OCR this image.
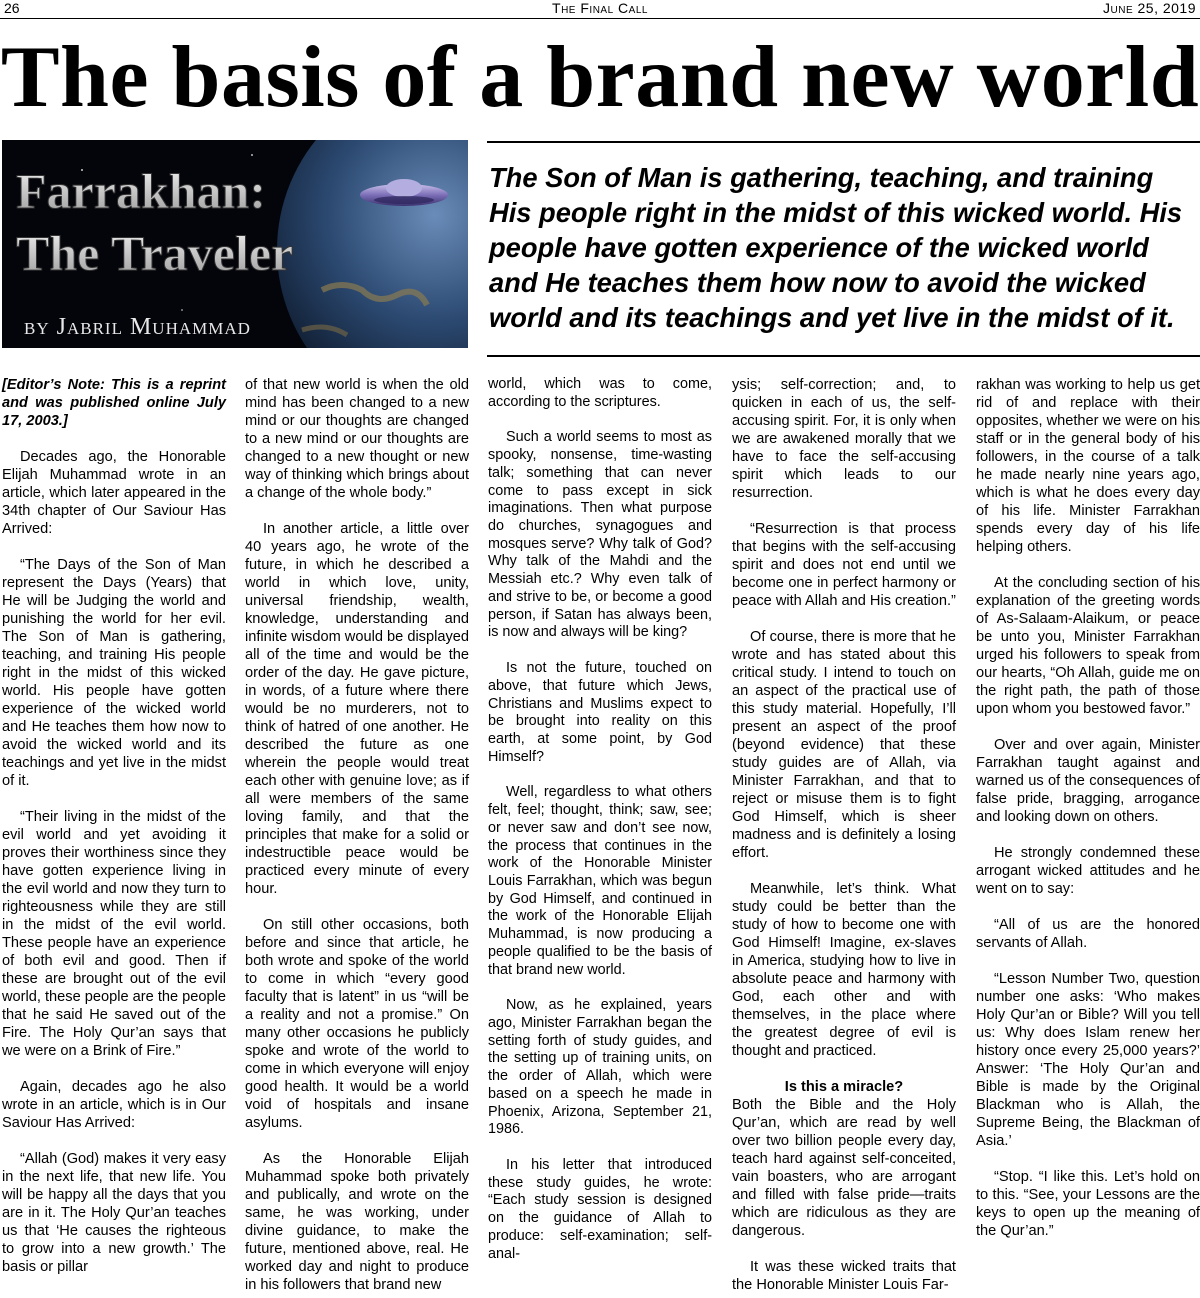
26	The Final Call	June 25, 2019
The basis of a brand new world
Farrakhan:
The Traveler
by Jabril Muhammad
The Son of Man is gathering, teaching, and training His people right in the midst of this wicked world. His people have gotten experience of the wicked world and He teaches them how now to avoid the wicked world and its teachings and yet live in the midst of it.

[Editor’s Note: This is a reprint and was published online July 17, 2003.]

Decades ago, the Honorable Elijah Muhammad wrote in an article, which later appeared in the 34th chapter of Our Saviour Has Arrived:

“The Days of the Son of Man represent the Days (Years) that He will be Judging the world and punishing the world for her evil. The Son of Man is gathering, teaching, and training His people right in the midst of this wicked world. His people have gotten experience of the wicked world and He teaches them how now to avoid the wicked world and its teachings and yet live in the midst of it.

“Their living in the midst of the evil world and yet avoiding it proves their worthiness since they have gotten experience living in the evil world and now they turn to righteousness while they are still in the midst of the evil world. These people have an experience of both evil and good. Then if these are brought out of the evil world, these people are the people that he said He saved out of the Fire. The Holy Qur’an says that we were on a Brink of Fire.”

Again, decades ago he also wrote in an article, which is in Our Saviour Has Arrived:

“Allah (God) makes it very easy in the next life, that new life. You will be happy all the days that you are in it. The Holy Qur’an teaches us that ‘He causes the righteous to grow into a new growth.’ The basis or pillar

of that new world is when the old mind has been changed to a new mind or our thoughts are changed to a new mind or our thoughts are changed to a new thought or new way of thinking which brings about a change of the whole body.”

In another article, a little over 40 years ago, he wrote of the future, in which he described a world in which love, unity, universal friendship, wealth, knowledge, understanding and infinite wisdom would be displayed all of the time and would be the order of the day. He gave picture, in words, of a future where there would be no murderers, not to think of hatred of one another. He described the future as one wherein the people would treat each other with genuine love; as if all were members of the same loving family, and that the principles that make for a solid or indestructible peace would be practiced every minute of every hour.

On still other occasions, both before and since that article, he both wrote and spoke of the world to come in which “every good faculty that is latent” in us “will be a reality and not a promise.” On many other occasions he publicly spoke and wrote of the world to come in which everyone will enjoy good health. It would be a world void of hospitals and insane asylums.

As the Honorable Elijah Muhammad spoke both privately and publically, and wrote on the same, he was working, under divine guidance, to make the future, mentioned above, real. He worked day and night to produce in his followers that brand new

world, which was to come, according to the scriptures.

Such a world seems to most as spooky, nonsense, time-wasting talk; something that can never come to pass except in sick imaginations. Then what purpose do churches, synagogues and mosques serve? Why talk of God? Why talk of the Mahdi and the Messiah etc.? Why even talk of and strive to be, or become a good person, if Satan has always been, is now and always will be king?

Is not the future, touched on above, that future which Jews, Christians and Muslims expect to be brought into reality on this earth, at some point, by God Himself?

Well, regardless to what others felt, feel; thought, think; saw, see; or never saw and don’t see now, the process that continues in the work of the Honorable Minister Louis Farrakhan, which was begun by God Himself, and continued in the work of the Honorable Elijah Muhammad, is now producing a people qualified to be the basis of that brand new world.

Now, as he explained, years ago, Minister Farrakhan began the setting forth of study guides, and the setting up of training units, on the order of Allah, which were based on a speech he made in Phoenix, Arizona, September 21, 1986.

In his letter that introduced these study guides, he wrote: “Each study session is designed on the guidance of Allah to produce: self-examination; self-anal-

ysis; self-correction; and, to quicken in each of us, the self-accusing spirit. For, it is only when we are awakened morally that we have to face the self-accusing spirit which leads to our resurrection.

“Resurrection is that process that begins with the self-accusing spirit and does not end until we become one in perfect harmony or peace with Allah and His creation.”

Of course, there is more that he wrote and has stated about this critical study. I intend to touch on an aspect of the practical use of this study material. Hopefully, I’ll present an aspect of the proof (beyond evidence) that these study guides are of Allah, via Minister Farrakhan, and that to reject or misuse them is to fight God Himself, which is sheer madness and is definitely a losing effort.

Meanwhile, let’s think. What study could be better than the study of how to become one with God Himself! Imagine, ex-slaves in America, studying how to live in absolute peace and harmony with God, each other and with themselves, in the place where the greatest degree of evil is thought and practiced.

Is this a miracle?

Both the Bible and the Holy Qur’an, which are read by well over two billion people every day, teach hard against self-conceited, vain boasters, who are arrogant and filled with false pride—traits which are ridiculous as they are dangerous.

It was these wicked traits that the Honorable Minister Louis Far-

rakhan was working to help us get rid of and replace with their opposites, whether we were on his staff or in the general body of his followers, in the course of a talk he made nearly nine years ago, which is what he does every day of his life. Minister Farrakhan spends every day of his life helping others.

At the concluding section of his explanation of the greeting words of As-Salaam-Alaikum, or peace be unto you, Minister Farrakhan urged his followers to speak from our hearts, “Oh Allah, guide me on the right path, the path of those upon whom you bestowed favor.”

Over and over again, Minister Farrakhan taught against and warned us of the consequences of false pride, bragging, arrogance and looking down on others.

He strongly condemned these arrogant wicked attitudes and he went on to say:

“All of us are the honored servants of Allah.

“Lesson Number Two, question number one asks: ‘Who makes Holy Qur’an or Bible? Will you tell us: Why does Islam renew her history once every 25,000 years?’ Answer: ‘The Holy Qur’an and Bible is made by the Original Blackman who is Allah, the Supreme Being, the Blackman of Asia.’

“Stop. “I like this. Let’s hold on to this. “See, your Lessons are the keys to open up the meaning of the Qur’an.”
